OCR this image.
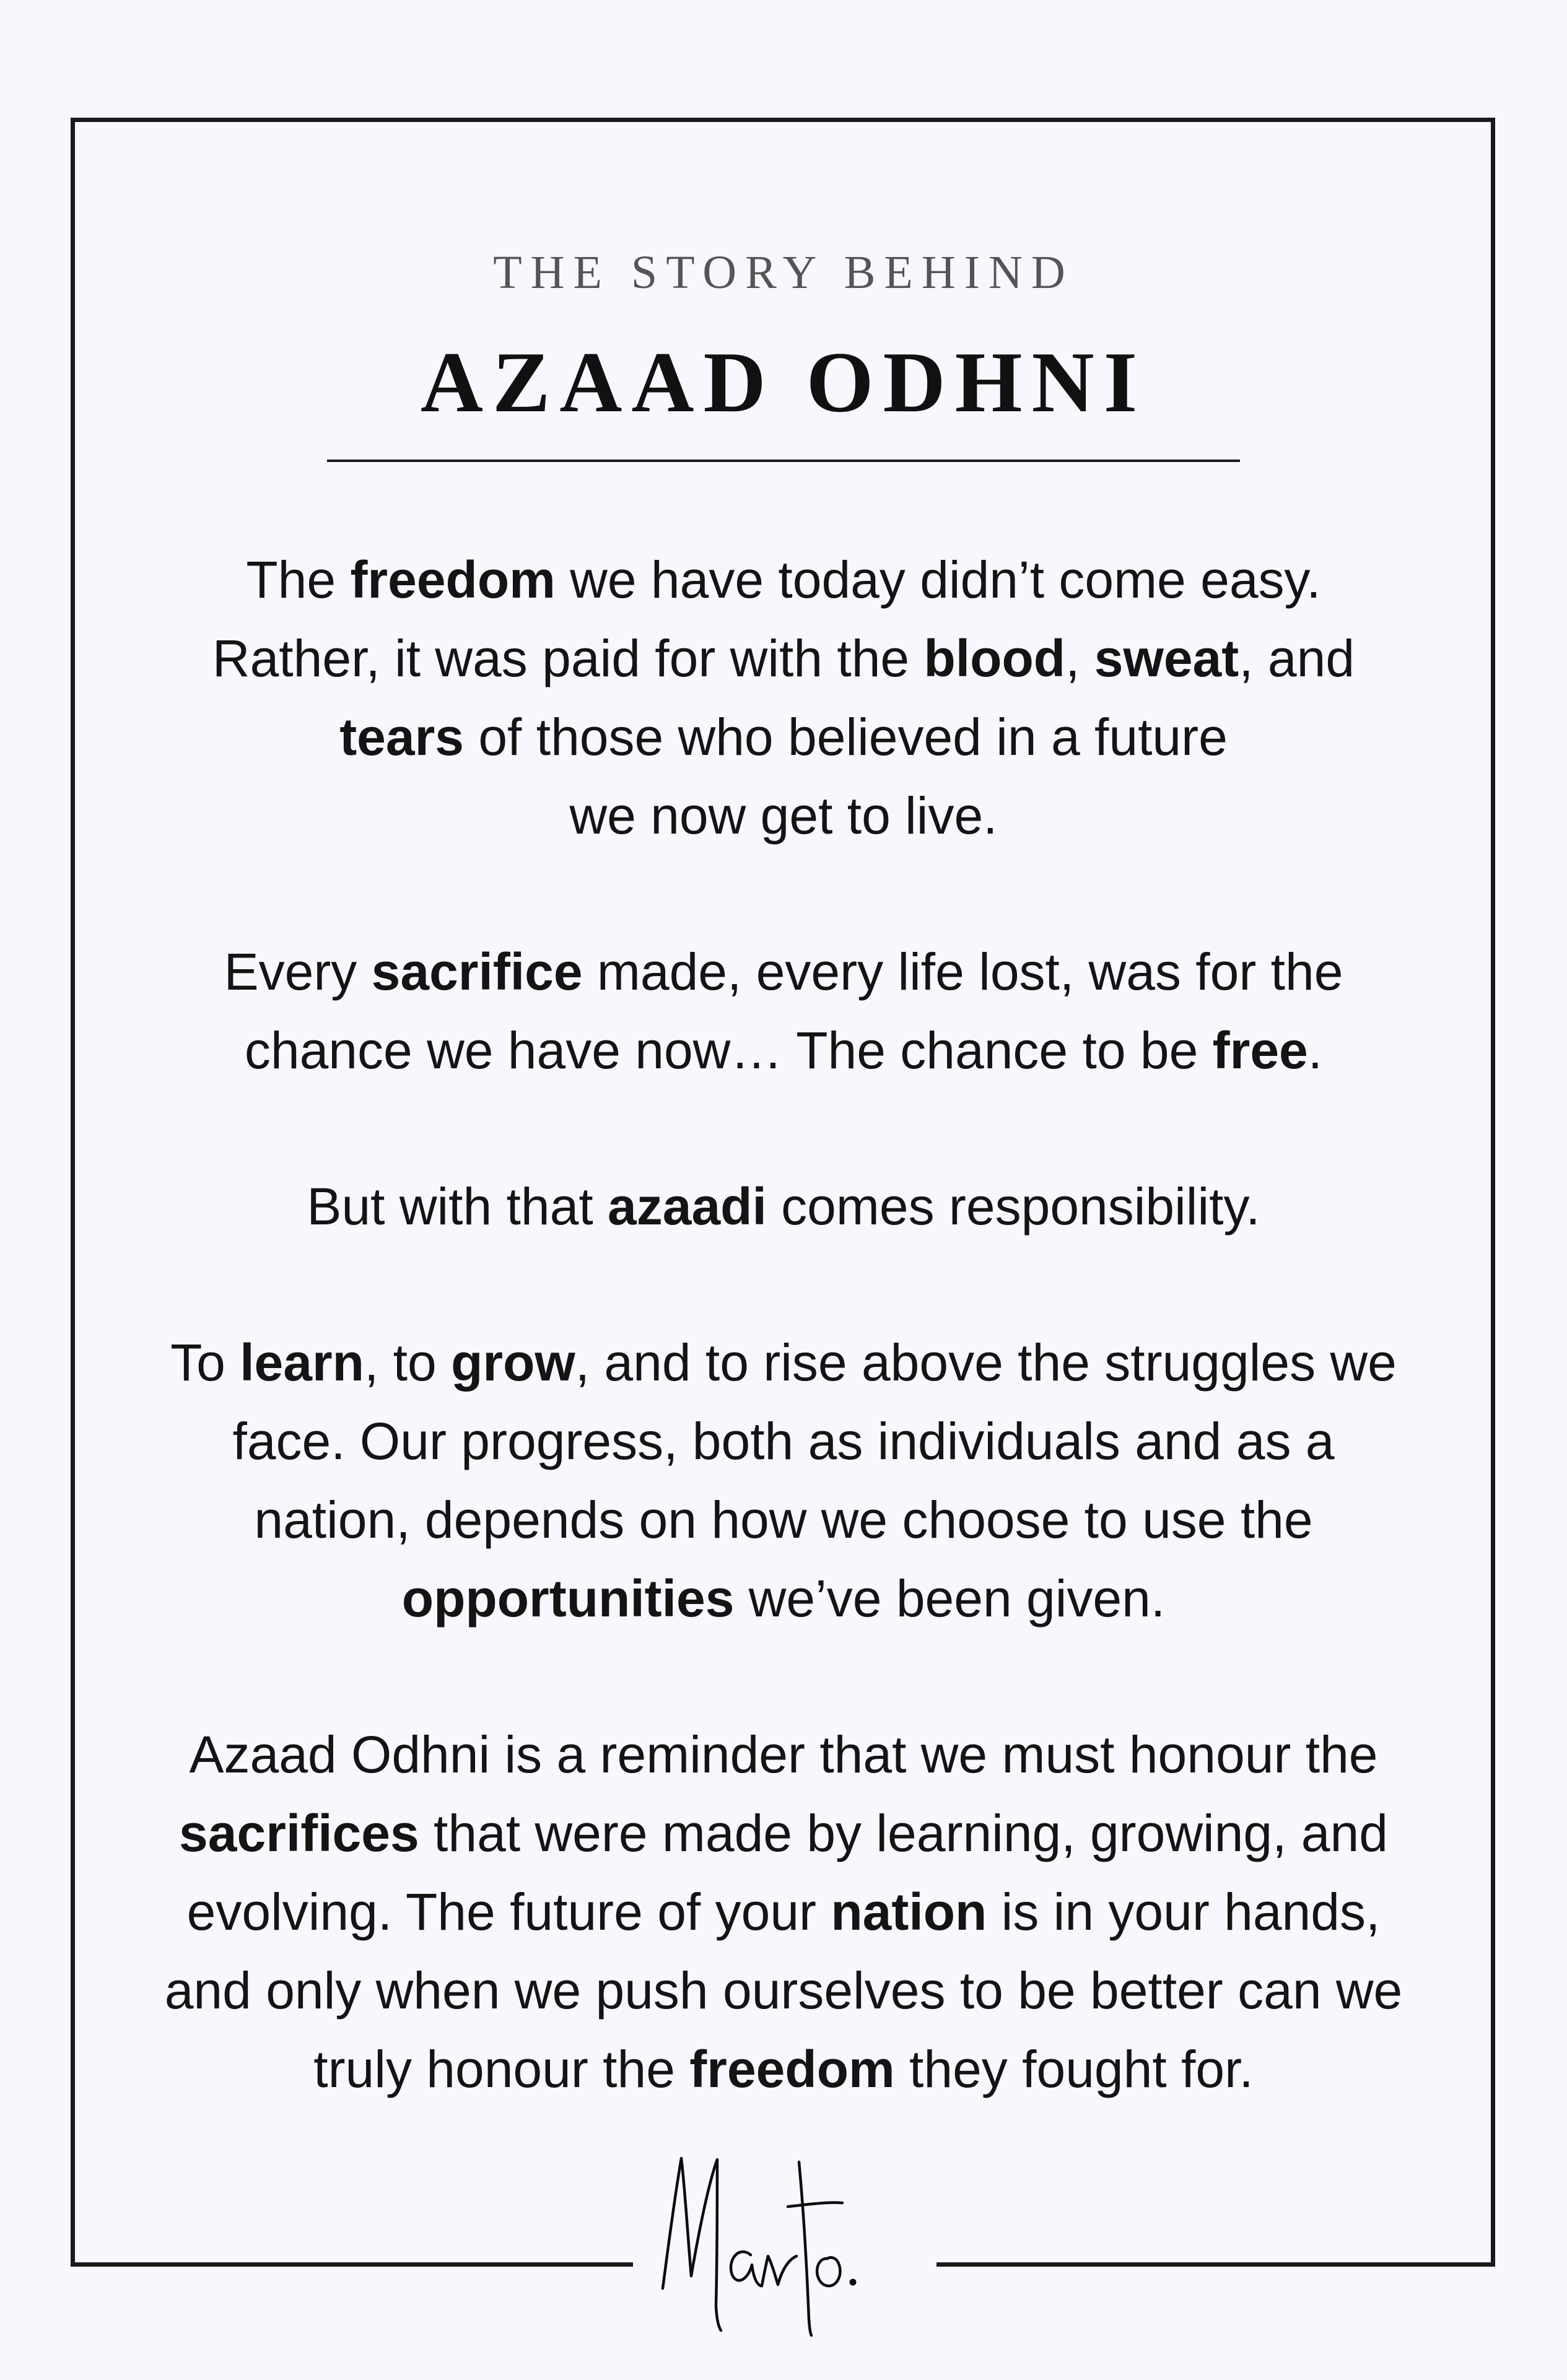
THE STORY BEHIND
AZAAD ODHNI
The freedom we have today didn’t come easy.
Rather, it was paid for with the blood, sweat, and
tears of those who believed in a future
we now get to live.
Every sacrifice made, every life lost, was for the
chance we have now… The chance to be free.
But with that azaadi comes responsibility.
To learn, to grow, and to rise above the struggles we
face. Our progress, both as individuals and as a
nation, depends on how we choose to use the
opportunities we’ve been given.
Azaad Odhni is a reminder that we must honour the
sacrifices that were made by learning, growing, and
evolving. The future of your nation is in your hands,
and only when we push ourselves to be better can we
truly honour the freedom they fought for.
